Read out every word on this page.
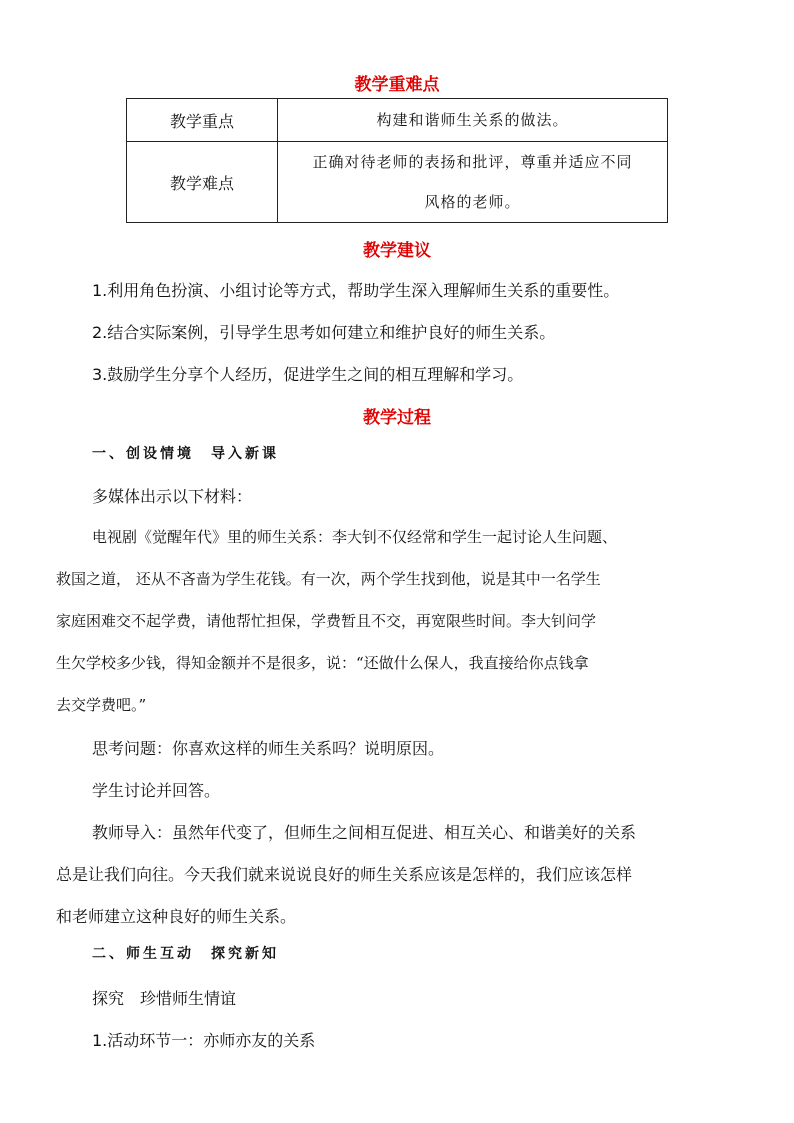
教学重难点
教学重点	构建和谐师生关系的做法。
教学难点	正确对待老师的表扬和批评，尊重并适应不同
风格的老师。
教学建议
1.利用角色扮演、小组讨论等方式，帮助学生深入理解师生关系的重要性。
2.结合实际案例，引导学生思考如何建立和维护良好的师生关系。
3.鼓励学生分享个人经历，促进学生之间的相互理解和学习。
教学过程
一、创设情境　导入新课
多媒体出示以下材料：
电视剧《觉醒年代》里的师生关系：李大钊不仅经常和学生一起讨论人生问题、
救国之道， 还从不吝啬为学生花钱。有一次，两个学生找到他，说是其中一名学生
家庭困难交不起学费，请他帮忙担保，学费暂且不交，再宽限些时间。李大钊问学
生欠学校多少钱，得知金额并不是很多，说：“还做什么保人，我直接给你点钱拿
去交学费吧。”
思考问题：你喜欢这样的师生关系吗？说明原因。
学生讨论并回答。
教师导入：虽然年代变了，但师生之间相互促进、相互关心、和谐美好的关系
总是让我们向往。今天我们就来说说良好的师生关系应该是怎样的，我们应该怎样
和老师建立这种良好的师生关系。
二、师生互动　探究新知
探究　珍惜师生情谊
1.活动环节一：亦师亦友的关系
